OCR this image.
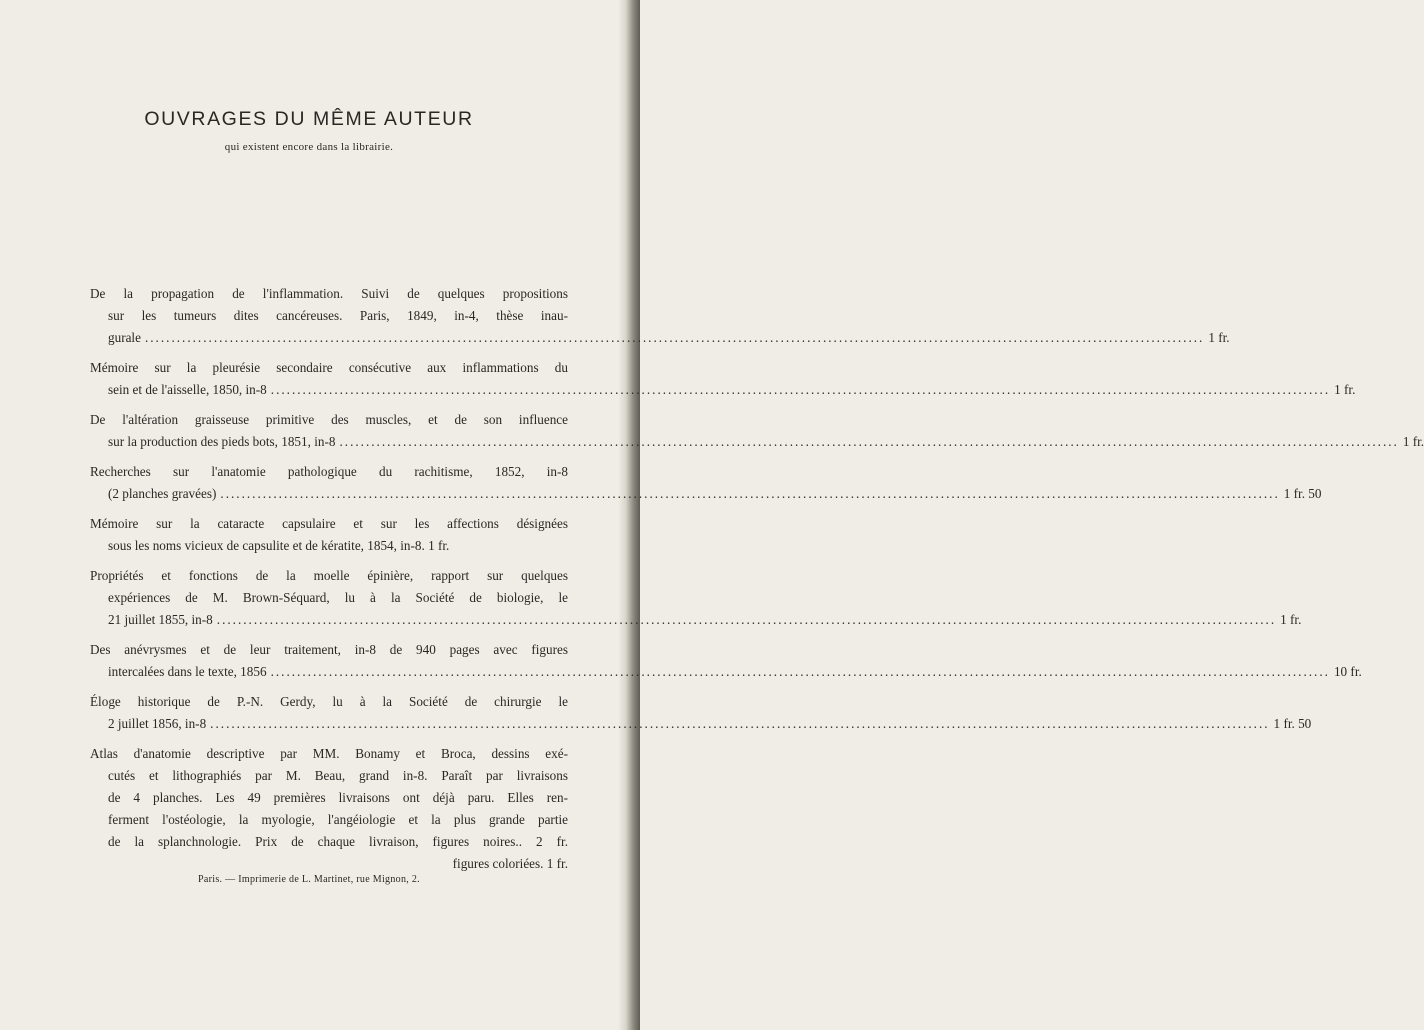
OUVRAGES DU MÊME AUTEUR
qui existent encore dans la librairie.
De la propagation de l'inflammation. Suivi de quelques propositions
sur les tumeurs dites cancéreuses. Paris, 1849, in-4, thèse inau-
gurale ........................................................................................................................................................................................................ 1 fr.
Mémoire sur la pleurésie secondaire consécutive aux inflammations du
sein et de l'aisselle, 1850, in-8 ........................................................................................................................................................................................................ 1 fr.
De l'altération graisseuse primitive des muscles, et de son influence
sur la production des pieds bots, 1851, in-8 ........................................................................................................................................................................................................ 1 fr.
Recherches sur l'anatomie pathologique du rachitisme, 1852, in-8
(2 planches gravées) ........................................................................................................................................................................................................ 1 fr. 50
Mémoire sur la cataracte capsulaire et sur les affections désignées
sous les noms vicieux de capsulite et de kératite, 1854, in-8. 1 fr.
Propriétés et fonctions de la moelle épinière, rapport sur quelques
expériences de M. Brown-Séquard, lu à la Société de biologie, le
21 juillet 1855, in-8 ........................................................................................................................................................................................................ 1 fr.
Des anévrysmes et de leur traitement, in-8 de 940 pages avec figures
intercalées dans le texte, 1856 ........................................................................................................................................................................................................ 10 fr.
Éloge historique de P.-N. Gerdy, lu à la Société de chirurgie le
2 juillet 1856, in-8 ........................................................................................................................................................................................................ 1 fr. 50
Atlas d'anatomie descriptive par MM. Bonamy et Broca, dessins exé-
cutés et lithographiés par M. Beau, grand in-8. Paraît par livraisons
de 4 planches. Les 49 premières livraisons ont déjà paru. Elles ren-
ferment l'ostéologie, la myologie, l'angéiologie et la plus grande partie
de la splanchnologie. Prix de chaque livraison, figures noires.. 2 fr.
figures coloriées. 1 fr.
Paris. — Imprimerie de L. Martinet, rue Mignon, 2.
